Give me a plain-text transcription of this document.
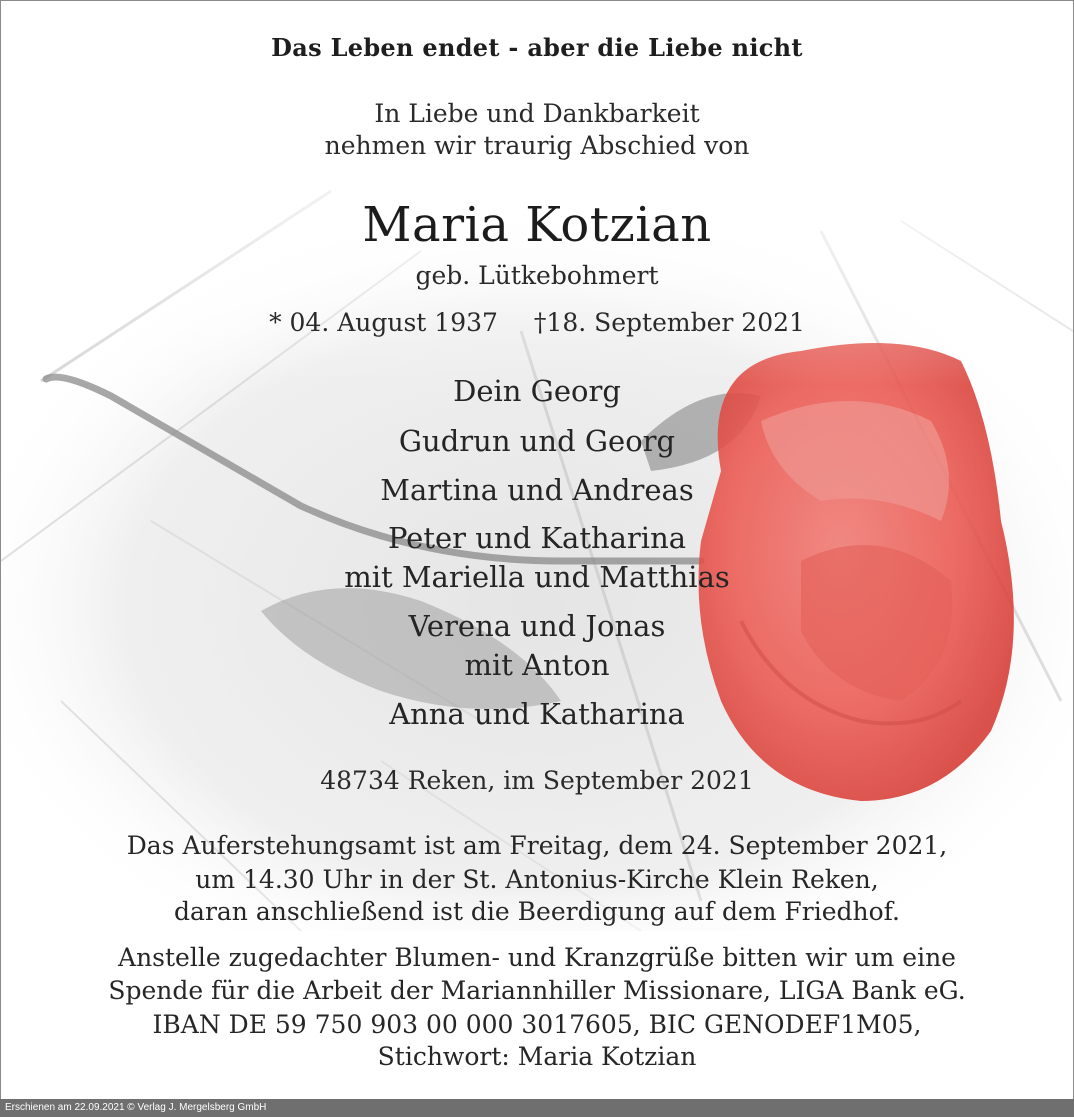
Das Leben endet - aber die Liebe nicht
In Liebe und Dankbarkeit
nehmen wir traurig Abschied von
Maria Kotzian
geb. Lütkebohmert
* 04. August 1937 †18. September 2021
Dein Georg
Gudrun und Georg
Martina und Andreas
Peter und Katharina
mit Mariella und Matthias
Verena und Jonas
mit Anton
Anna und Katharina
48734 Reken, im September 2021
Das Auferstehungsamt ist am Freitag, dem 24. September 2021,
um 14.30 Uhr in der St. Antonius-Kirche Klein Reken,
daran anschließend ist die Beerdigung auf dem Friedhof.
Anstelle zugedachter Blumen- und Kranzgrüße bitten wir um eine
Spende für die Arbeit der Mariannhiller Missionare, LIGA Bank eG.
IBAN DE 59 750 903 00 000 3017605, BIC GENODEF1M05,
Stichwort: Maria Kotzian
Erschienen am 22.09.2021 © Verlag J. Mergelsberg GmbH
